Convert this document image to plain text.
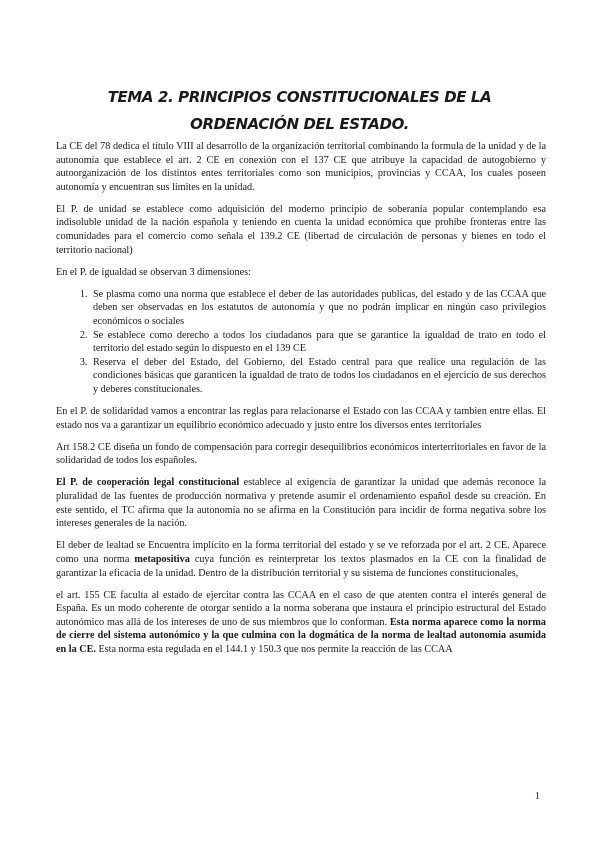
TEMA 2. PRINCIPIOS CONSTITUCIONALES DE LA ORDENACIÓN DEL ESTADO.

La CE del 78 dedica el título VIII al desarrollo de la organización territorial combinando la formula de la unidad y de la autonomía que establece el art. 2 CE en conexión con el 137 CE que atribuye la capacidad de autogobierno y autoorganización de los distintos entes territoriales como son municipios, provincias y CCAA, los cuales poseen autonomía y encuentran sus limites en la unidad.

El P. de unidad se establece como adquisición del moderno principio de soberanía popular contemplando esa indisoluble unidad de la nación española y teniendo en cuenta la unidad económica que prohíbe fronteras entre las comunidades para el comercio como señala el 139.2 CE (libertad de circulación de personas y bienes en todo el territorio nacional)

En el P. de igualdad se observan 3 dimensiones:

1. Se plasma como una norma que establece el deber de las autoridades publicas, del estado y de las CCAA que deben ser observadas en los estatutos de autonomía y que no podrán implicar en ningún caso privilegios económicos o sociales
2. Se establece como derecho a todos los ciudadanos para que se garantice la igualdad de trato en todo el territorio del estado según lo dispuesto en el 139 CE
3. Reserva el deber del Estado, del Gobierno, del Estado central para que realice una regulación de las condiciones básicas que garanticen la igualdad de trato de todos los ciudadanos en el ejercicio de sus derechos y deberes constitucionales.

En el P. de solidaridad vamos a encontrar las reglas para relacionarse el Estado con las CCAA y tambien entre ellas. El estado nos va a garantizar un equilibrio económico adecuado y justo entre los diversos entes territoriales

Art 158.2 CE diseña un fondo de compensación para corregir desequilibrios económicos interterritoriales en favor de la solidaridad de todos los españoles.

El P. de cooperación legal constitucional establece al exigencia de garantizar la unidad que además reconoce la pluralidad de las fuentes de producción normativa y pretende asumir el ordenamiento español desde su creación. En este sentido, el TC afirma que la autonomía no se afirma en la Constitución para incidir de forma negativa sobre los intereses generales de la nación.

El deber de lealtad se Encuentra implícito en la forma territorial del estado y se ve reforzada por el art. 2 CE. Aparece como una norma metapositiva cuya función es reinterpretar los textos plasmados en la CE con la finalidad de garantizar la eficacia de la unidad. Dentro de la distribución territorial y su sistema de funciones constitucionales,

el art. 155 CE faculta al estado de ejercitar contra las CCAA en el caso de que atenten contra el interés general de España. Es un modo coherente de otorgar sentido a la norma soberana que instaura el principio estructural del Estado autonómico mas allá de los intereses de uno de sus miembros que lo conforman. Esta norma aparece como la norma de cierre del sistema autonómico y la que culmina con la dogmática de la norma de lealtad autonomía asumida en la CE. Esta norma esta regulada en el 144.1 y 150.3 que nos permite la reacción de las CCAA

1
